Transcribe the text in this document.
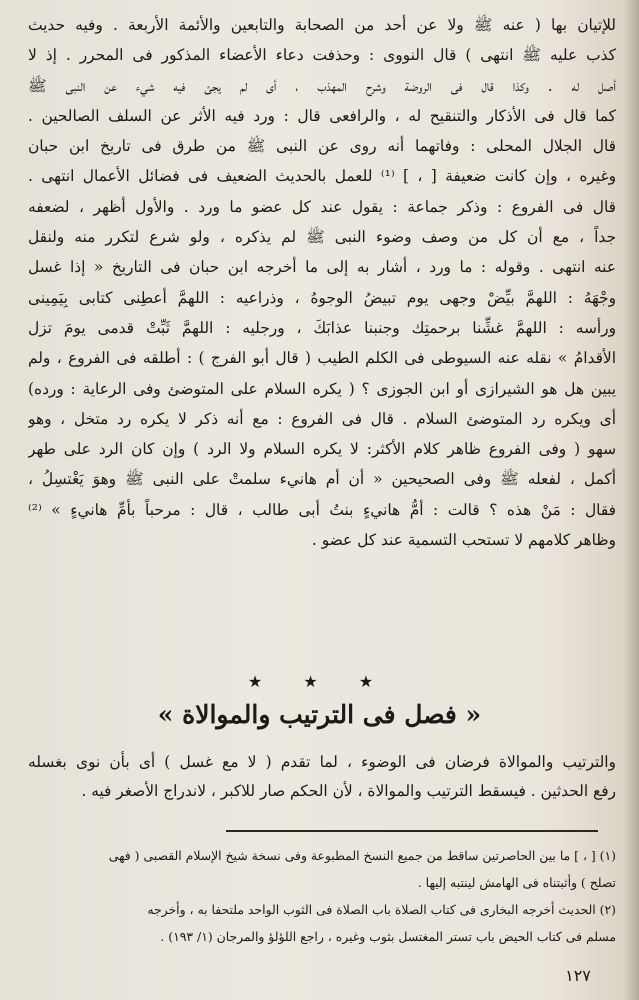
للإتيان بها ( عنه ﷺ ولا عن أحد من الصحابة والتابعين والأئمة الأربعة . وفيه حديث
كذب عليه ﷺ انتهى ) قال النووى : وحذفت دعاء الأعضاء المذكور فى المحرر . إذ لا
أصل له . وكذا قال فى الروضة وشرح المهذب ، أى لم يجئ فيه شيء عن النبى ﷺ
كما قال فى الأذكار والتنقيح له ، والرافعى قال : ورد فيه الأثر عن السلف الصالحين .
قال الجلال المحلى : وفاتهما أنه روى عن النبى ﷺ من طرق فى تاريخ ابن حبان
وغيره ، وإن كانت ضعيفة [ ، ] ⁽¹⁾ للعمل بالحديث الضعيف فى فضائل الأعمال انتهى .
قال فى الفروع : وذكر جماعة : يقول عند كل عضو ما ورد . والأول أظهر ، لضعفه
جداً ، مع أن كل من وصف وضوء النبى ﷺ لم يذكره ، ولو شرع لتكرر منه ولنقل
عنه انتهى . وقوله : ما ورد ، أشار به إلى ما أخرجه ابن حبان فى التاريخ « إذا غسل
وجْهَهُ : اللهمَّ بيِّضْ وجهى يوم تبيضُ الوجوهُ ، وذراعيه : اللهمَّ أعطِنى كتابى بِيَمِينى
ورأسه : اللهمَّ غشِّنا برحمتِك وجنبنا عذابَكَ ، ورجليه : اللهمَّ ثَبِّتْ قدمى يومَ تزل
الأقدامُ » نقله عنه السيوطى فى الكلم الطيب ( قال أبو الفرج ) : أطلقه فى الفروع ، ولم
يبين هل هو الشيرازى أو ابن الجوزى ؟ ( يكره السلام على المتوضئ وفى الرعاية : ورده)
أى ويكره رد المتوضئ السلام . قال فى الفروع : مع أنه ذكر لا يكره رد متخل ، وهو
سهو ( وفى الفروع ظاهر كلام الأكثر: لا يكره السلام ولا الرد ) وإن كان الرد على طهر
أكمل ، لفعله ﷺ وفى الصحيحين « أن أم هانيء سلمتْ على النبى ﷺ وهوَ يَغْتسِلُ ،
فقال : مَنْ هذه ؟ قالت : أمُّ هانيءٍ بنتُ أبى طالب ، قال : مرحباً بأمِّ هانيءٍ » ⁽²⁾
وظاهر كلامهم لا تستحب التسمية عند كل عضو .
★ ★ ★
« فصل فى الترتيب والموالاة »
والترتيب والموالاة فرضان فى الوضوء ، لما تقدم ( لا مع غسل ) أى بأن نوى بغسله
رفع الحدثين . فيسقط الترتيب والموالاة ، لأن الحكم صار للاكبر ، لاندراج الأصغر فيه .
(١) [ ، ] ما بين الحاصرتين ساقط من جميع النسخ المطبوعة وفى نسخة شيخ الإسلام القصبى ( فهى
تصلح ) وأثبتناه فى الهامش لينتبه إليها .
(٢) الحديث أخرجه البخارى فى كتاب الصلاة باب الصلاة فى الثوب الواحد ملتحفا به ، وأخرجه
مسلم فى كتاب الحيض باب تستر المغتسل بثوب وغيره ، راجع اللؤلؤ والمرجان (١/ ١٩٣) .
١٢٧
